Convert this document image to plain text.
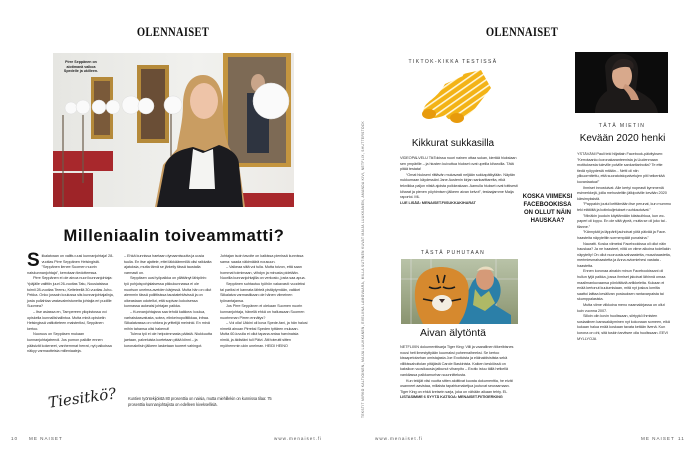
OLENNAISET
Pirre Seppänen on aiotimanä valkoa Spedelle ja ukilleen.
Milleniaalin toiveammatti?
S iikalatvaan on valittu uusi kunnanjohtaja! 28-vuotias Pirre Seppänen Helsingistä. "Seppänen lienee Suomen nuorin naiskunnanjohtaja", kerrotaan tiedotteessa.

Pirre Seppänen ei ole ainoa nuori kunnanjohtaja: Ypäjälle valittiin juuri 26-vuotias Tatu, Nousiaisissa toimii 28-vuotias Teemu, Keiteleellä 30-vuotias Juho-Pekka. Onko jossain koulussa siis kunnanjohtajalinja, josta pullahtaa vastavalmistuneita johtajia eri puolille Suomea?

– Itse asiassa en, Tampereen yliopistossa voi opiskella kunnallishallintoa. Mutta minä opiskelin Helsingissä valtiotieteen maisteriksi, Seppänen kertoo.

Nuoruus on Seppäsen mukaan kunnanjohtajatrendi. Jos pomon paikille ennen pääsivät kokeneet, vanhemmat herrat, nyt paikoissa näkyy varmaotteisia milleniaaleja.

– Ehkä kunnissa haetaan dynaamisuutta ja uusia tuulia. En itse ajattele, ettei iäkkäämmillä olisi raikkaita ajatuksia, mutta tämä se järkeily tässä taustalla varmasti on.

Seppäsen uusi työpaikka on yllättänyt lähipiirin: työ pohjoispohjalaisessa pikkukunnassa ei ole nuorison unelma-aveiden kärjessä. Mutta hän on ollut aiemmin tässä poliittisissa taustatehtävissä ja on oikeastaan odotellut, että sopivan kokoisessa kunnassa aukeaisi johtajan paikka.

– Kunnanjohtajana saa tehdä kaikkea: koulua, varhaiskasvatusta, sotea, elinkeinopolitiikkaa, infraa. Siikalatvassa on rohkea ja yrittelijä meininki. En minä mihin tahansa olisi hakenut!

Tuleva työ ei ole helpoimmasta päästä. Niukkuutta jaetaan, palveluista koetetaan pitää kiinni – ja koronakriisin jälkeen lasketaan tuoreet vahingot.

Johtajan isoin tavoite on kaikissa pienissä kunnissa sama: saada väkimäärä nousuun.

– Vaikeaa siitä voi tulla. Mutta toivon, että saan hommat toimimaan, viihdyn ja minusta pidetään. Nuorilla kunnanjohtajilla on verkosto, josta saa apua.

Seppänen suhtautuu työhön vakavasti: vuodeksi tai pariksi ei kannata lähteä pistäytymään, vaikkei Siikalatva varmastikaan ole hänen viimeinen työnantajansa.

Jos Pirre Seppänen ei olekaan Suomen nuorin kunnanjohtaja, hänellä ehkä on hallussaan Suomen nuorimman Pirren ennätys?

– Voi olla! Ukkini oli kova Spede-fani, ja hän halusi nimetä ainoan Pirreksi Speden tyttären mukaan. Mutta 60-luvulla ei ollut tapana antaa harvinaisia nimiä, ja äidistäni tuli Päivi. Äiti toteutti sitten myöhemmin ukin unelman. HEIDI HEINO

Tiesitkö?	Kuntien työntekijöistä 80 prosenttia on naisia, mutta miehillekin on kunnissa tilaa: 75 prosenttia kunnanjohtajista on edelleen kiveksellisiä.
10 ME NAISET	www.menaiset.fi
OLENNAISET
TEKSTIT MIRKO KALTIOINEN, MAIJA LUUKKANEN, EVELIINA LAMOVAARA, MILLA SUTINEN KUVAT MAIJA LUUKKANEN, AMANDA KIVI, NETFLIX, SHUTTERSTOCK
TIKTOK-KIKKA TESTISSÄ
Kikkurat sukkasilla

VIDEOPALVELU TikTokissa nuori nainen ottaa sukan, kiertää hiuksiaan sen ympärille – ja hiusten kuivuttua hiukset ovat upeilla kiharoilla. Tätä pitää testata!

“Omat hiukseni riittävän mukavasti neljään sukkapätkylään. Näytän nukkumaan käydessäni Jane Austenin kirjan sankarittarelta, eikä tekniikka paljon niistä ajoista poikkeakaan. Aamulla hiukset ovat tottisesti kiharat ja pienen pöyhimisen jälkeen aivan kelvot”, testaajamme Maija raportoi. ML

LUE LISÄÄ: MENAISET.FI/SUKKAKIHARAT

TÄTÄ MIETIN
Kevään 2020 henki
KOSKA VIIMEKSI FACEBOOKISSA ON OLLUT NÄIN HAUSKAA?

YSTÄVÄNI Pauli teki hiljattain Facebook-päivityksen: "Kerrotaanko koronakaranteenista ja Uudenmaan motituksesta tuleville polville sankaritarinoita? Te ette tiedä ryöyydestä mitään... Netti oli niin

ylikuormitettu, että suoratoistopalvelujen piti heikentää kuvanlaatua!"

Ihmiset innostuivat. Alle kertyi nopeasti kymmeniä esimerkkejä, joilla mehusteltiin jälkipolville kevään 2020 kärsimyksistä.

"Pappakin joutui keittämään itse perunat, kun mummo teki etätöitä ja kotinkuljetukset ruuhkautuivat."

"Minäkin jouduin käyttämään käsisuihkua, kun wc-paperi oli loppu. En ole siitä ylpeä, mutta se oli joko tai -tilanne."

"Kännykät ja läppärit jauhoivat yötä päivää ja Face-haasteita näpyteltiin sormenpäät punaisina."

Naurattі. Koska viimeksi Facebookissa oli ollut näin hauskaa? Ja ne haasteet, niitä on viime aikoina todellakin näpytelty! On ollut nuoruuskuvahaastetta, musahaastetta, merimiesmahaastetta ja Anna aviomiehesi vastata -haastetta.

Ennen koronaa ainakin minun Facebookissani oli hullun lyijä paikka, jossa ihmiset jakoivat lähinnä omaa maailmankuvaansa pönkittäviä artikkeleita. Kukaan ei enää kertonut kuulumisiaan, mitä nyt joskus lomilta saattoi laittaa kesälivan postauksen rantavarpaista tai skumppalasista.

Mutta viime viikkoina meno naamakirjassa on ollut kuin vuonna 2007.

Silloin olin kovin huolissaan, siirtyykö ihmisten sosiaalinen kanssakäyminen nyt kokonaan someen, eikä kukaan halua enää koskaan tavata ketään livenä. Kun korona on ohi, sitä tuskin tarvitsee olla huolissaan. EEVI MYLLYOJA

TÄSTÄ PUHUTAAN
Aivan älytöntä

NETFLIXIN dokumenttisarja Tiger King: Villi ja vaarallinen tiikeribisnes nousi heti ilmestyttyään kuumaksi puheenaiheeksi. Se kertoo kissapetotarhan omistajasta Joe Exoticista ja eläinaktivistista sekä villikissahoitolan pitäjästä Carole Baskinista. Kaiken keskiössä on kaksikon vuosikausia jatkunut vihanpito – Exotic istuu tällä hetkellä vankilassa palkkamurhan suunnittelusta.

Kun tekijät viisi vuotta sitten aloittivat kuvata dokumenttia, he eivät osanneet aavistaa, millaista tapahtumaketjua joutuvat seuraamaan. Tiger King on ehkä kreisein sarja, joka on vähään aikaan tehty. EL

LISTASIMME 6 SYYTÄ KATSOA: MENAISET.FI/TIGERKING

www.menaiset.fi	ME NAISET 11
